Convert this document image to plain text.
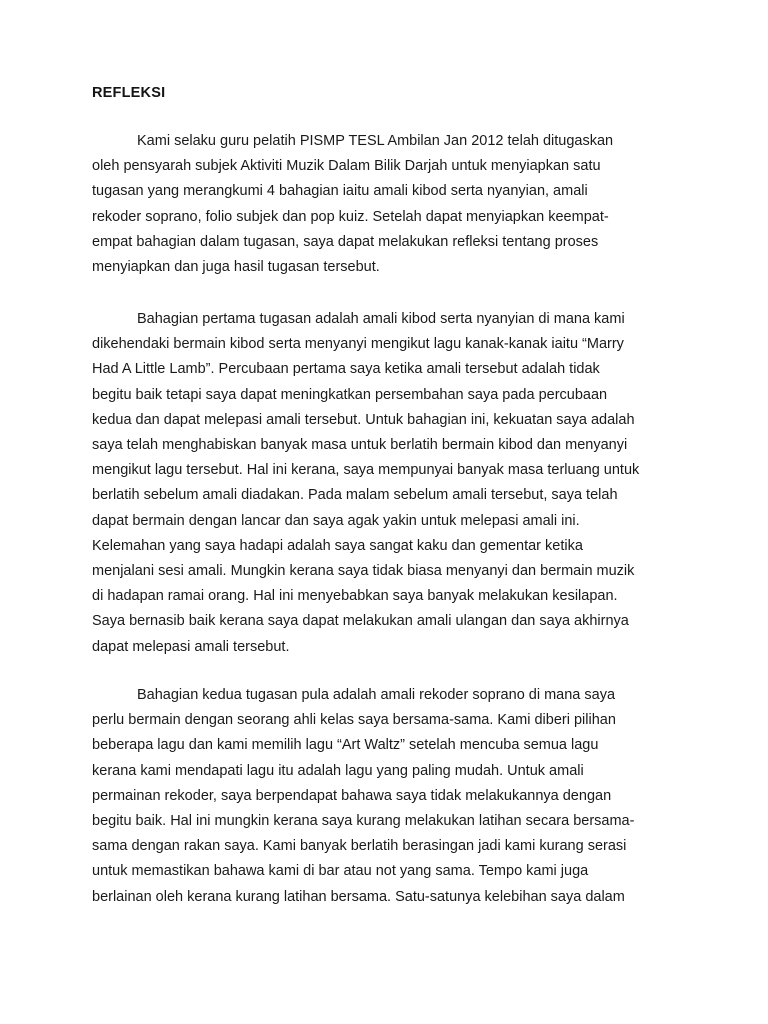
REFLEKSI

Kami selaku guru pelatih PISMP TESL Ambilan Jan 2012 telah ditugaskan

oleh pensyarah subjek Aktiviti Muzik Dalam Bilik Darjah untuk menyiapkan satu

tugasan yang merangkumi 4 bahagian iaitu amali kibod serta nyanyian, amali

rekoder soprano, folio subjek dan pop kuiz. Setelah dapat menyiapkan keempat-

empat bahagian dalam tugasan, saya dapat melakukan refleksi tentang proses

menyiapkan dan juga hasil tugasan tersebut.

Bahagian pertama tugasan adalah amali kibod serta nyanyian di mana kami

dikehendaki bermain kibod serta menyanyi mengikut lagu kanak-kanak iaitu “Marry

Had A Little Lamb”. Percubaan pertama saya ketika amali tersebut adalah tidak

begitu baik tetapi saya dapat meningkatkan persembahan saya pada percubaan

kedua dan dapat melepasi amali tersebut. Untuk bahagian ini, kekuatan saya adalah

saya telah menghabiskan banyak masa untuk berlatih bermain kibod dan menyanyi

mengikut lagu tersebut. Hal ini kerana, saya mempunyai banyak masa terluang untuk

berlatih sebelum amali diadakan. Pada malam sebelum amali tersebut, saya telah

dapat bermain dengan lancar dan saya agak yakin untuk melepasi amali ini.

Kelemahan yang saya hadapi adalah saya sangat kaku dan gementar ketika

menjalani sesi amali. Mungkin kerana saya tidak biasa menyanyi dan bermain muzik

di hadapan ramai orang. Hal ini menyebabkan saya banyak melakukan kesilapan.

Saya bernasib baik kerana saya dapat melakukan amali ulangan dan saya akhirnya

dapat melepasi amali tersebut.

Bahagian kedua tugasan pula adalah amali rekoder soprano di mana saya

perlu bermain dengan seorang ahli kelas saya bersama-sama. Kami diberi pilihan

beberapa lagu dan kami memilih lagu “Art Waltz” setelah mencuba semua lagu

kerana kami mendapati lagu itu adalah lagu yang paling mudah. Untuk amali

permainan rekoder, saya berpendapat bahawa saya tidak melakukannya dengan

begitu baik. Hal ini mungkin kerana saya kurang melakukan latihan secara bersama-

sama dengan rakan saya. Kami banyak berlatih berasingan jadi kami kurang serasi

untuk memastikan bahawa kami di bar atau not yang sama. Tempo kami juga

berlainan oleh kerana kurang latihan bersama. Satu-satunya kelebihan saya dalam
